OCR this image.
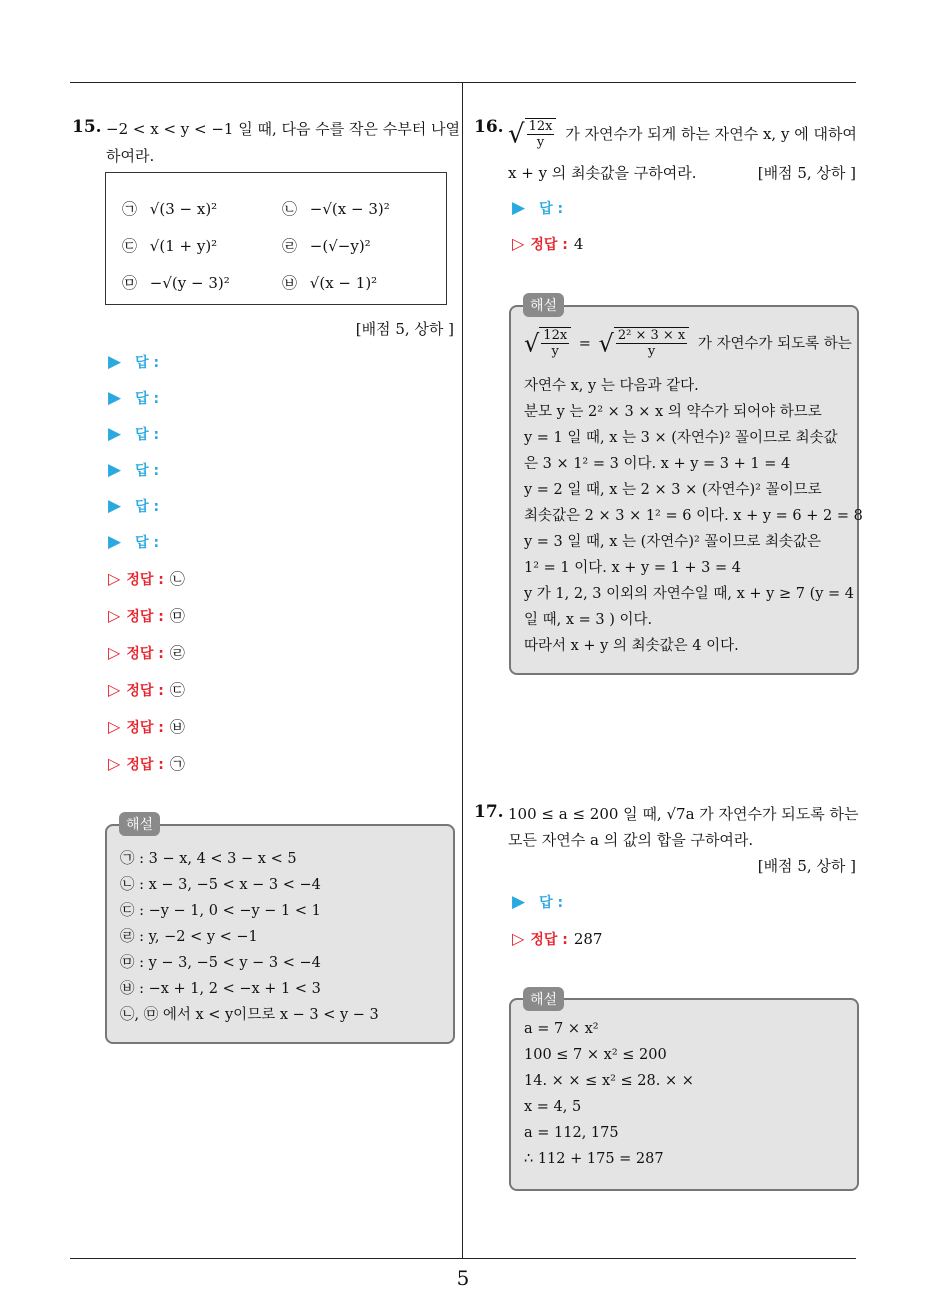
5
15. −2 < x < y < −1 일 때, 다음 수를 작은 수부터 나열
하여라.
㉠ √(3 − x)²	㉡ −√(x − 3)²
㉢ √(1 + y)²	㉣ −(√−y)²
㉤ −√(y − 3)²	㉥ √(x − 1)²
[배점 5, 상하 ]
▶ 답 :
▶ 답 :
▶ 답 :
▶ 답 :
▶ 답 :
▶ 답 :
▷ 정답 : ㉡
▷ 정답 : ㉤
▷ 정답 : ㉣
▷ 정답 : ㉢
▷ 정답 : ㉥
▷ 정답 : ㉠
㉠ : 3 − x, 4 < 3 − x < 5
㉡ : x − 3, −5 < x − 3 < −4
㉢ : −y − 1, 0 < −y − 1 < 1
㉣ : y, −2 < y < −1
㉤ : y − 3, −5 < y − 3 < −4
㉥ : −x + 1, 2 < −x + 1 < 3
㉡, ㉤ 에서 x < y이므로 x − 3 < y − 3
해설
16. √ $\frac{12x}{y}$ 가 자연수가 되게 하는 자연수 x, y 에 대하여
x + y 의 최솟값을 구하여라.	[배점 5, 상하 ]
▶ 답 :
▷ 정답 : 4
√ $\frac{12x}{y}$ = √ $\frac{\text{2² × 3 × x}}{y}$ 가 자연수가 되도록 하는
자연수 x, y 는 다음과 같다.
분모 y 는 2² × 3 × x 의 약수가 되어야 하므로
y = 1 일 때, x 는 3 × (자연수)² 꼴이므로 최솟값
은 3 × 1² = 3 이다. x + y = 3 + 1 = 4
y = 2 일 때, x 는 2 × 3 × (자연수)² 꼴이므로
최솟값은 2 × 3 × 1² = 6 이다. x + y = 6 + 2 = 8
y = 3 일 때, x 는 (자연수)² 꼴이므로 최솟값은
1² = 1 이다. x + y = 1 + 3 = 4
y 가 1, 2, 3 이외의 자연수일 때, x + y ≥ 7 (y = 4
일 때, x = 3 ) 이다.
따라서 x + y 의 최솟값은 4 이다.
해설
17. 100 ≤ a ≤ 200 일 때, √7a 가 자연수가 되도록 하는
모든 자연수 a 의 값의 합을 구하여라.
[배점 5, 상하 ]
▶ 답 :
▷ 정답 : 287
a = 7 × x²
100 ≤ 7 × x² ≤ 200
14. × × ≤ x² ≤ 28. × ×
x = 4, 5
a = 112, 175
∴ 112 + 175 = 287
해설
